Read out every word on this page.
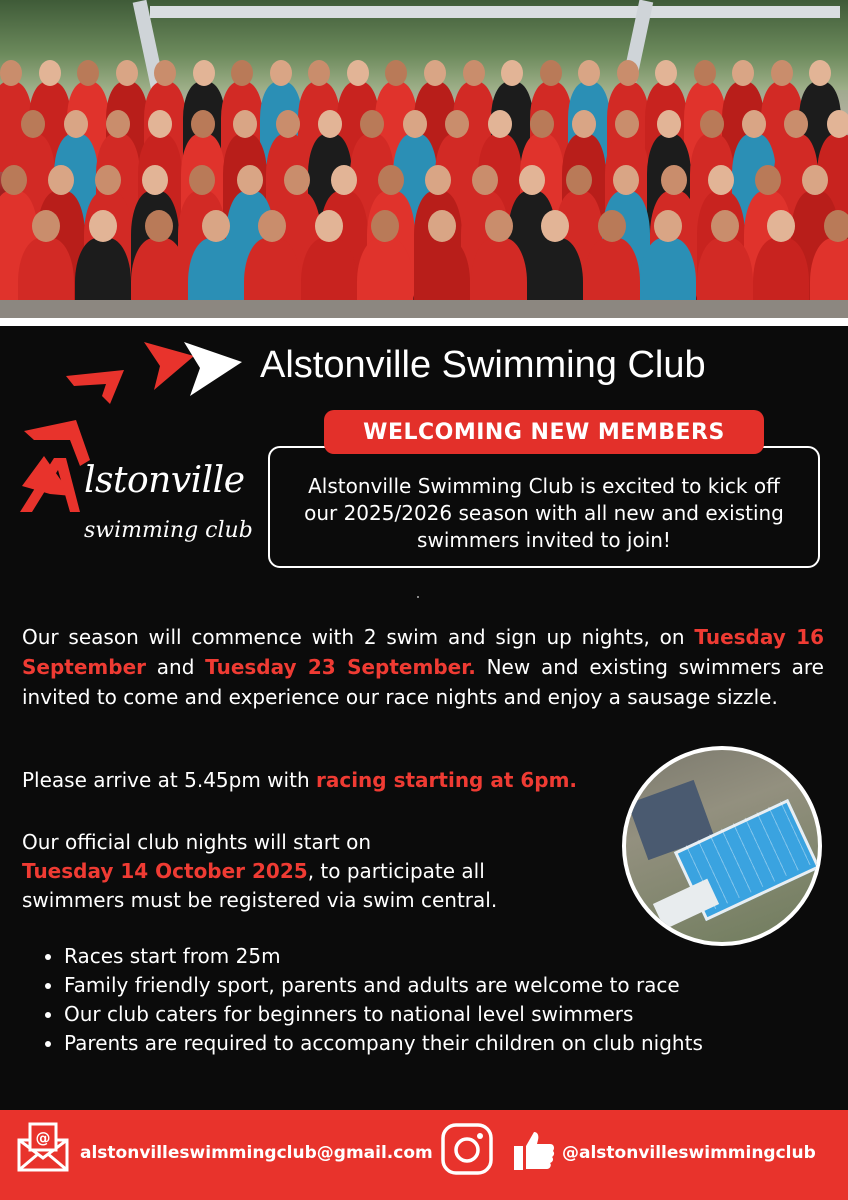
lstonville
swimming club
Alstonville Swimming Club
WELCOMING NEW MEMBERS
Alstonville Swimming Club is excited to kick off our 2025/2026 season with all new and existing swimmers invited to join!

Our season will commence with 2 swim and sign up nights, on Tuesday 16 September and Tuesday 23 September. New and existing swimmers are invited to come and experience our race nights and enjoy a sausage sizzle.

Please arrive at 5.45pm with racing starting at 6pm.

Our official club nights will start on
Tuesday 14 October 2025, to participate all swimmers must be registered via swim central.

• Races start from 25m
• Family friendly sport, parents and adults are welcome to race
• Our club caters for beginners to national level swimmers
• Parents are required to accompany their children on club nights
@
alstonvilleswimmingclub@gmail.com	@alstonvilleswimmingclub
